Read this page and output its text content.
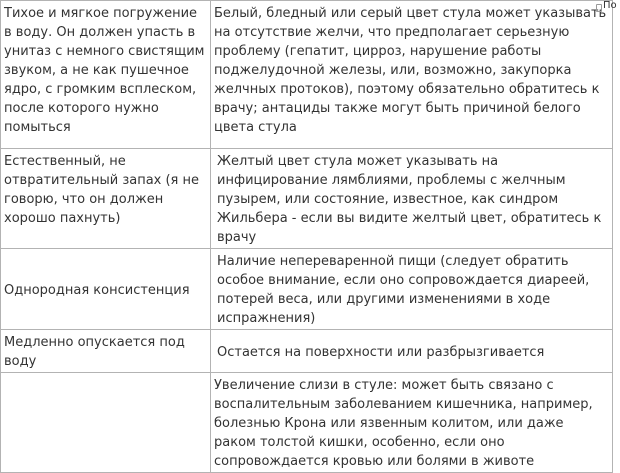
Тихое и мягкое погружение в воду. Он должен упасть в унитаз с немного свистящим звуком, а не как пушечное ядро, с громким всплеском, после которого нужно помыться	Белый, бледный или серый цвет стула может указывать на отсутствие желчи, что предполагает серьезную проблему (гепатит, цирроз, нарушение работы поджелудочной железы, или, возможно, закупорка желчных протоков), поэтому обязательно обратитесь к врачу; антациды также могут быть причиной белого цвета стула
Естественный, не отвратительный запах (я не говорю, что он должен хорошо пахнуть)	Желтый цвет стула может указывать на инфицирование лямблиями, проблемы с желчным пузырем, или состояние, известное, как синдром Жильбера - если вы видите желтый цвет, обратитесь к врачу
Однородная консистенция	Наличие непереваренной пищи (следует обратить особое внимание, если оно сопровождается диареей, потерей веса, или другими изменениями в ходе испражнения)
Медленно опускается под воду	Остается на поверхности или разбрызгивается
	Увеличение слизи в стуле: может быть связано с воспалительным заболеванием кишечника, например, болезнью Крона или язвенным колитом, или даже раком толстой кишки, особенно, если оно сопровождается кровью или болями в животе
По
